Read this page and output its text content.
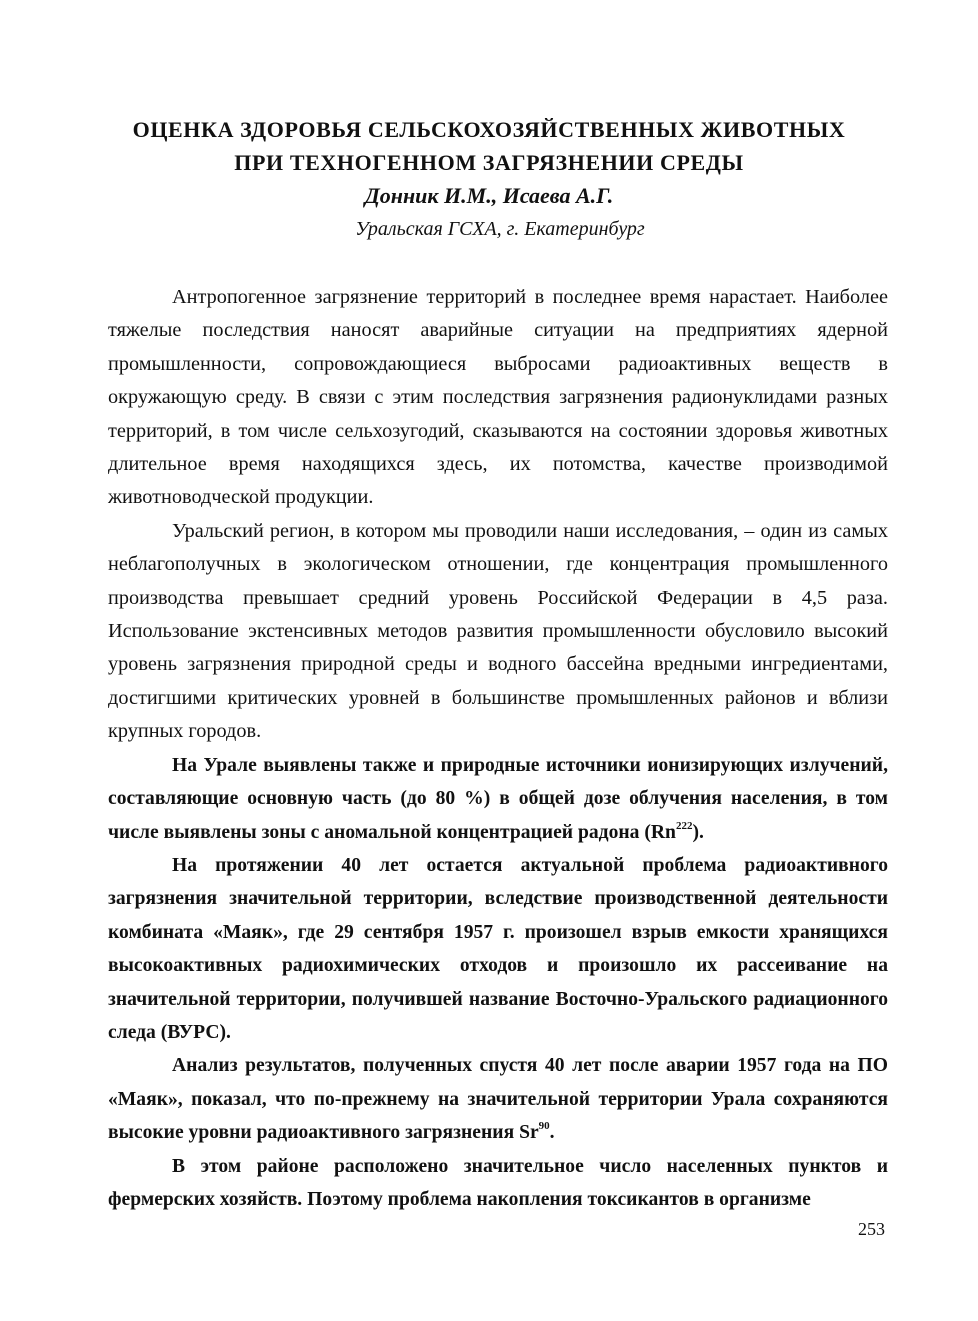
ОЦЕНКА ЗДОРОВЬЯ СЕЛЬСКОХОЗЯЙСТВЕННЫХ ЖИВОТНЫХ
ПРИ ТЕХНОГЕННОМ ЗАГРЯЗНЕНИИ СРЕДЫ
Донник И.М., Исаева А.Г.
Уральская ГСХА, г. Екатеринбург

Антропогенное загрязнение территорий в последнее время нарастает. Наиболее тяжелые последствия наносят аварийные ситуации на предприятиях ядерной промышленности, сопровождающиеся выбросами радиоактивных веществ в окружающую среду. В связи с этим последствия загрязнения радионуклидами разных территорий, в том числе сельхозугодий, сказываются на состоянии здоровья животных длительное время находящихся здесь, их потомства, качестве производимой животноводческой продукции.

Уральский регион, в котором мы проводили наши исследования, – один из самых неблагополучных в экологическом отношении, где концентрация промышленного производства превышает средний уровень Российской Федерации в 4,5 раза. Использование экстенсивных методов развития промышленности обусловило высокий уровень загрязнения природной среды и водного бассейна вредными ингредиентами, достигшими критических уровней в большинстве промышленных районов и вблизи крупных городов.

На Урале выявлены также и природные источники ионизирующих излучений, составляющие основную часть (до 80 %) в общей дозе облучения населения, в том числе выявлены зоны с аномальной концентрацией радона (Rn$^{222}$).

На протяжении 40 лет остается актуальной проблема радиоактивного загрязнения значительной территории, вследствие производственной деятельности комбината «Маяк», где 29 сентября 1957 г. произошел взрыв емкости хранящихся высокоактивных радиохимических отходов и произошло их рассеивание на значительной территории, получившей название Восточно-Уральского радиационного следа (ВУРС).

Анализ результатов, полученных спустя 40 лет после аварии 1957 года на ПО «Маяк», показал, что по-прежнему на значительной территории Урала сохраняются высокие уровни радиоактивного загрязнения Sr$^{90}$.

В этом районе расположено значительное число населенных пунктов и фермерских хозяйств. Поэтому проблема накопления токсикантов в организме

253
